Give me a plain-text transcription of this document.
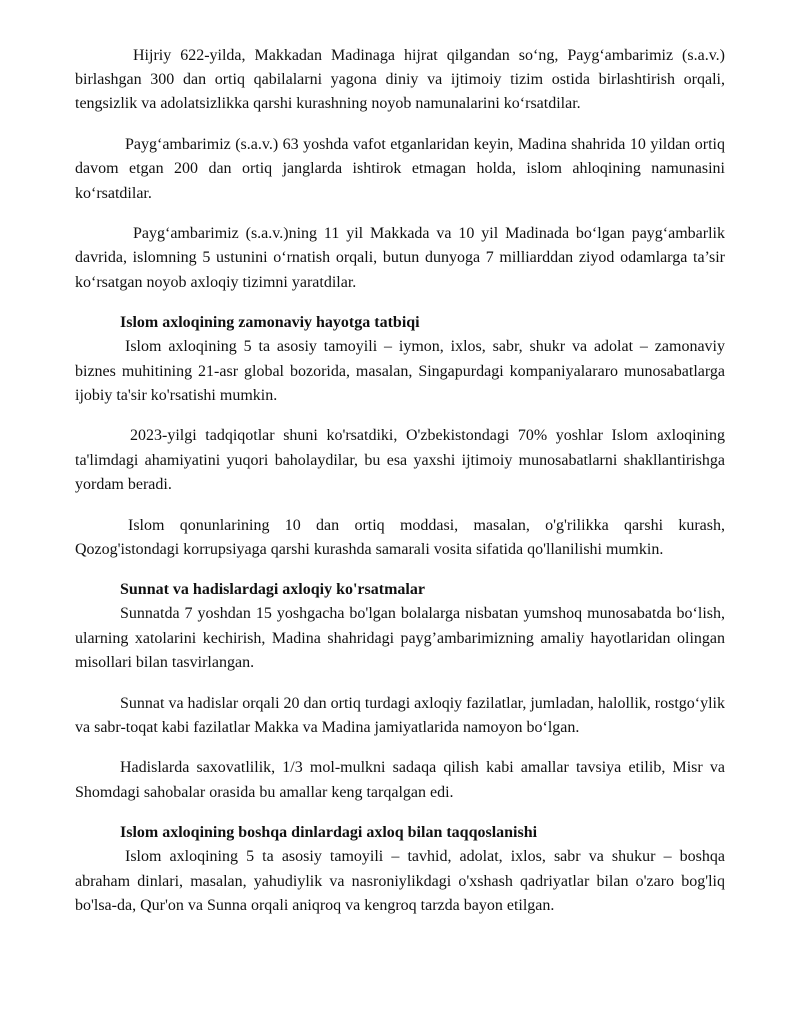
Hijriy 622-yilda, Makkadan Madinaga hijrat qilgandan so‘ng, Payg‘ambarimiz (s.a.v.) birlashgan 300 dan ortiq qabilalarni yagona diniy va ijtimoiy tizim ostida birlashtirish orqali, tengsizlik va adolatsizlikka qarshi kurashning noyob namunalarini ko‘rsatdilar.

Payg‘ambarimiz (s.a.v.) 63 yoshda vafot etganlaridan keyin, Madina shahrida 10 yildan ortiq davom etgan 200 dan ortiq janglarda ishtirok etmagan holda, islom ahloqining namunasini ko‘rsatdilar.

Payg‘ambarimiz (s.a.v.)ning 11 yil Makkada va 10 yil Madinada bo‘lgan payg‘ambarlik davrida, islomning 5 ustunini o‘rnatish orqali, butun dunyoga 7 milliarddan ziyod odamlarga ta’sir ko‘rsatgan noyob axloqiy tizimni yaratdilar.

Islom axloqining zamonaviy hayotga tatbiqi

Islom axloqining 5 ta asosiy tamoyili – iymon, ixlos, sabr, shukr va adolat – zamonaviy biznes muhitining 21-asr global bozorida, masalan, Singapurdagi kompaniyalararo munosabatlarga ijobiy ta'sir ko'rsatishi mumkin.

2023-yilgi tadqiqotlar shuni ko'rsatdiki, O'zbekistondagi 70% yoshlar Islom axloqining ta'limdagi ahamiyatini yuqori baholaydilar, bu esa yaxshi ijtimoiy munosabatlarni shakllantirishga yordam beradi.

Islom qonunlarining 10 dan ortiq moddasi, masalan, o'g'rilikka qarshi kurash, Qozog'istondagi korrupsiyaga qarshi kurashda samarali vosita sifatida qo'llanilishi mumkin.

Sunnat va hadislardagi axloqiy ko'rsatmalar

Sunnatda 7 yoshdan 15 yoshgacha bo'lgan bolalarga nisbatan yumshoq munosabatda bo‘lish, ularning xatolarini kechirish, Madina shahridagi payg’ambarimizning amaliy hayotlaridan olingan misollari bilan tasvirlangan.

Sunnat va hadislar orqali 20 dan ortiq turdagi axloqiy fazilatlar, jumladan, halollik, rostgo‘ylik va sabr-toqat kabi fazilatlar Makka va Madina jamiyatlarida namoyon bo‘lgan.

Hadislarda saxovatlilik, 1/3 mol-mulkni sadaqa qilish kabi amallar tavsiya etilib, Misr va Shomdagi sahobalar orasida bu amallar keng tarqalgan edi.

Islom axloqining boshqa dinlardagi axloq bilan taqqoslanishi

Islom axloqining 5 ta asosiy tamoyili – tavhid, adolat, ixlos, sabr va shukur – boshqa abraham dinlari, masalan, yahudiylik va nasroniylikdagi o'xshash qadriyatlar bilan o'zaro bog'liq bo'lsa-da, Qur'on va Sunna orqali aniqroq va kengroq tarzda bayon etilgan.
